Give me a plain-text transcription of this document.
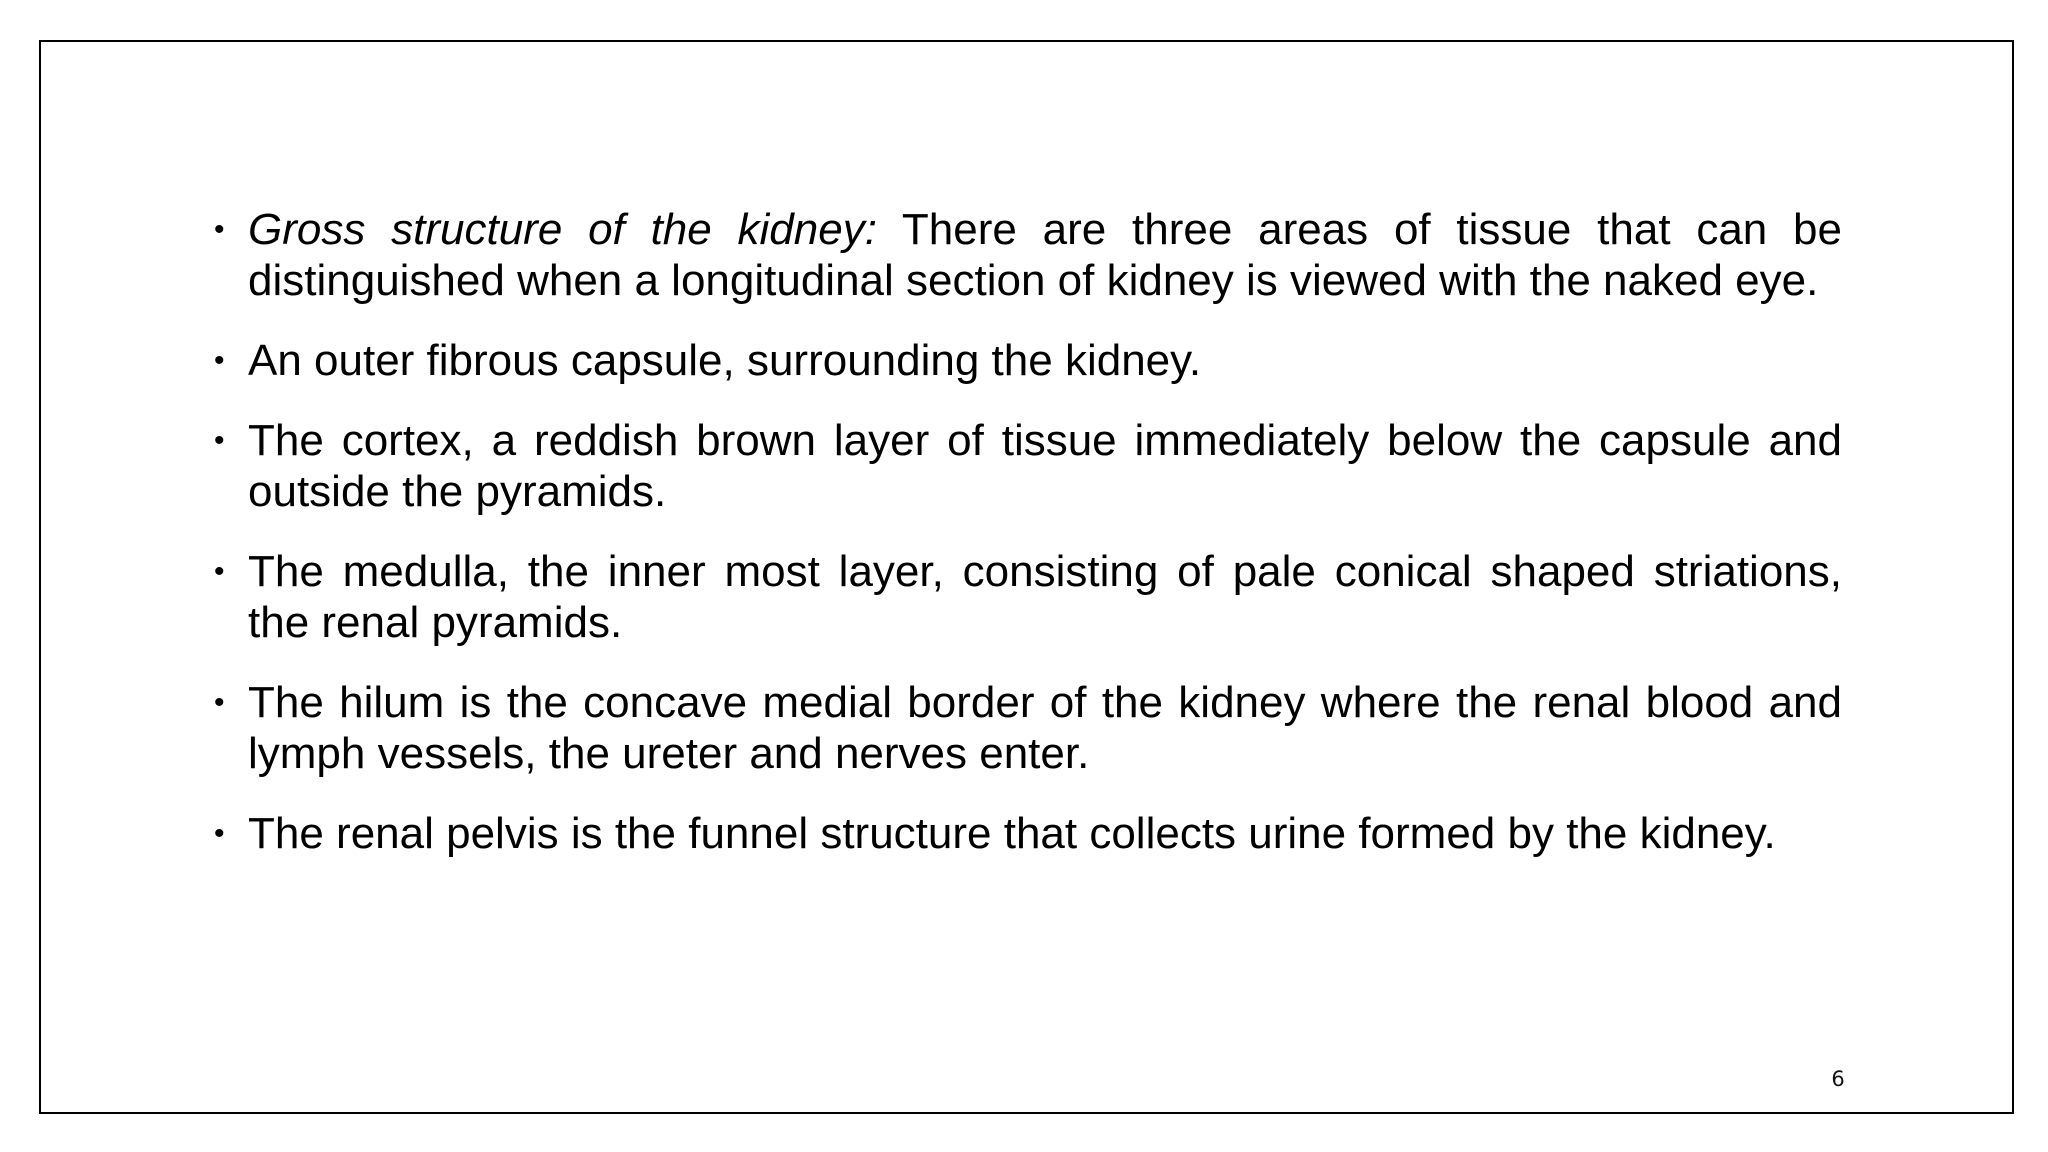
• Gross structure of the kidney: There are three areas of tissue that can be distinguished when a longitudinal section of kidney is viewed with the naked eye.
• An outer fibrous capsule, surrounding the kidney.
• The cortex, a reddish brown layer of tissue immediately below the capsule and outside the pyramids.
• The medulla, the inner most layer, consisting of pale conical shaped striations, the renal pyramids.
• The hilum is the concave medial border of the kidney where the renal blood and lymph vessels, the ureter and nerves enter.
• The renal pelvis is the funnel structure that collects urine formed by the kidney.
6
